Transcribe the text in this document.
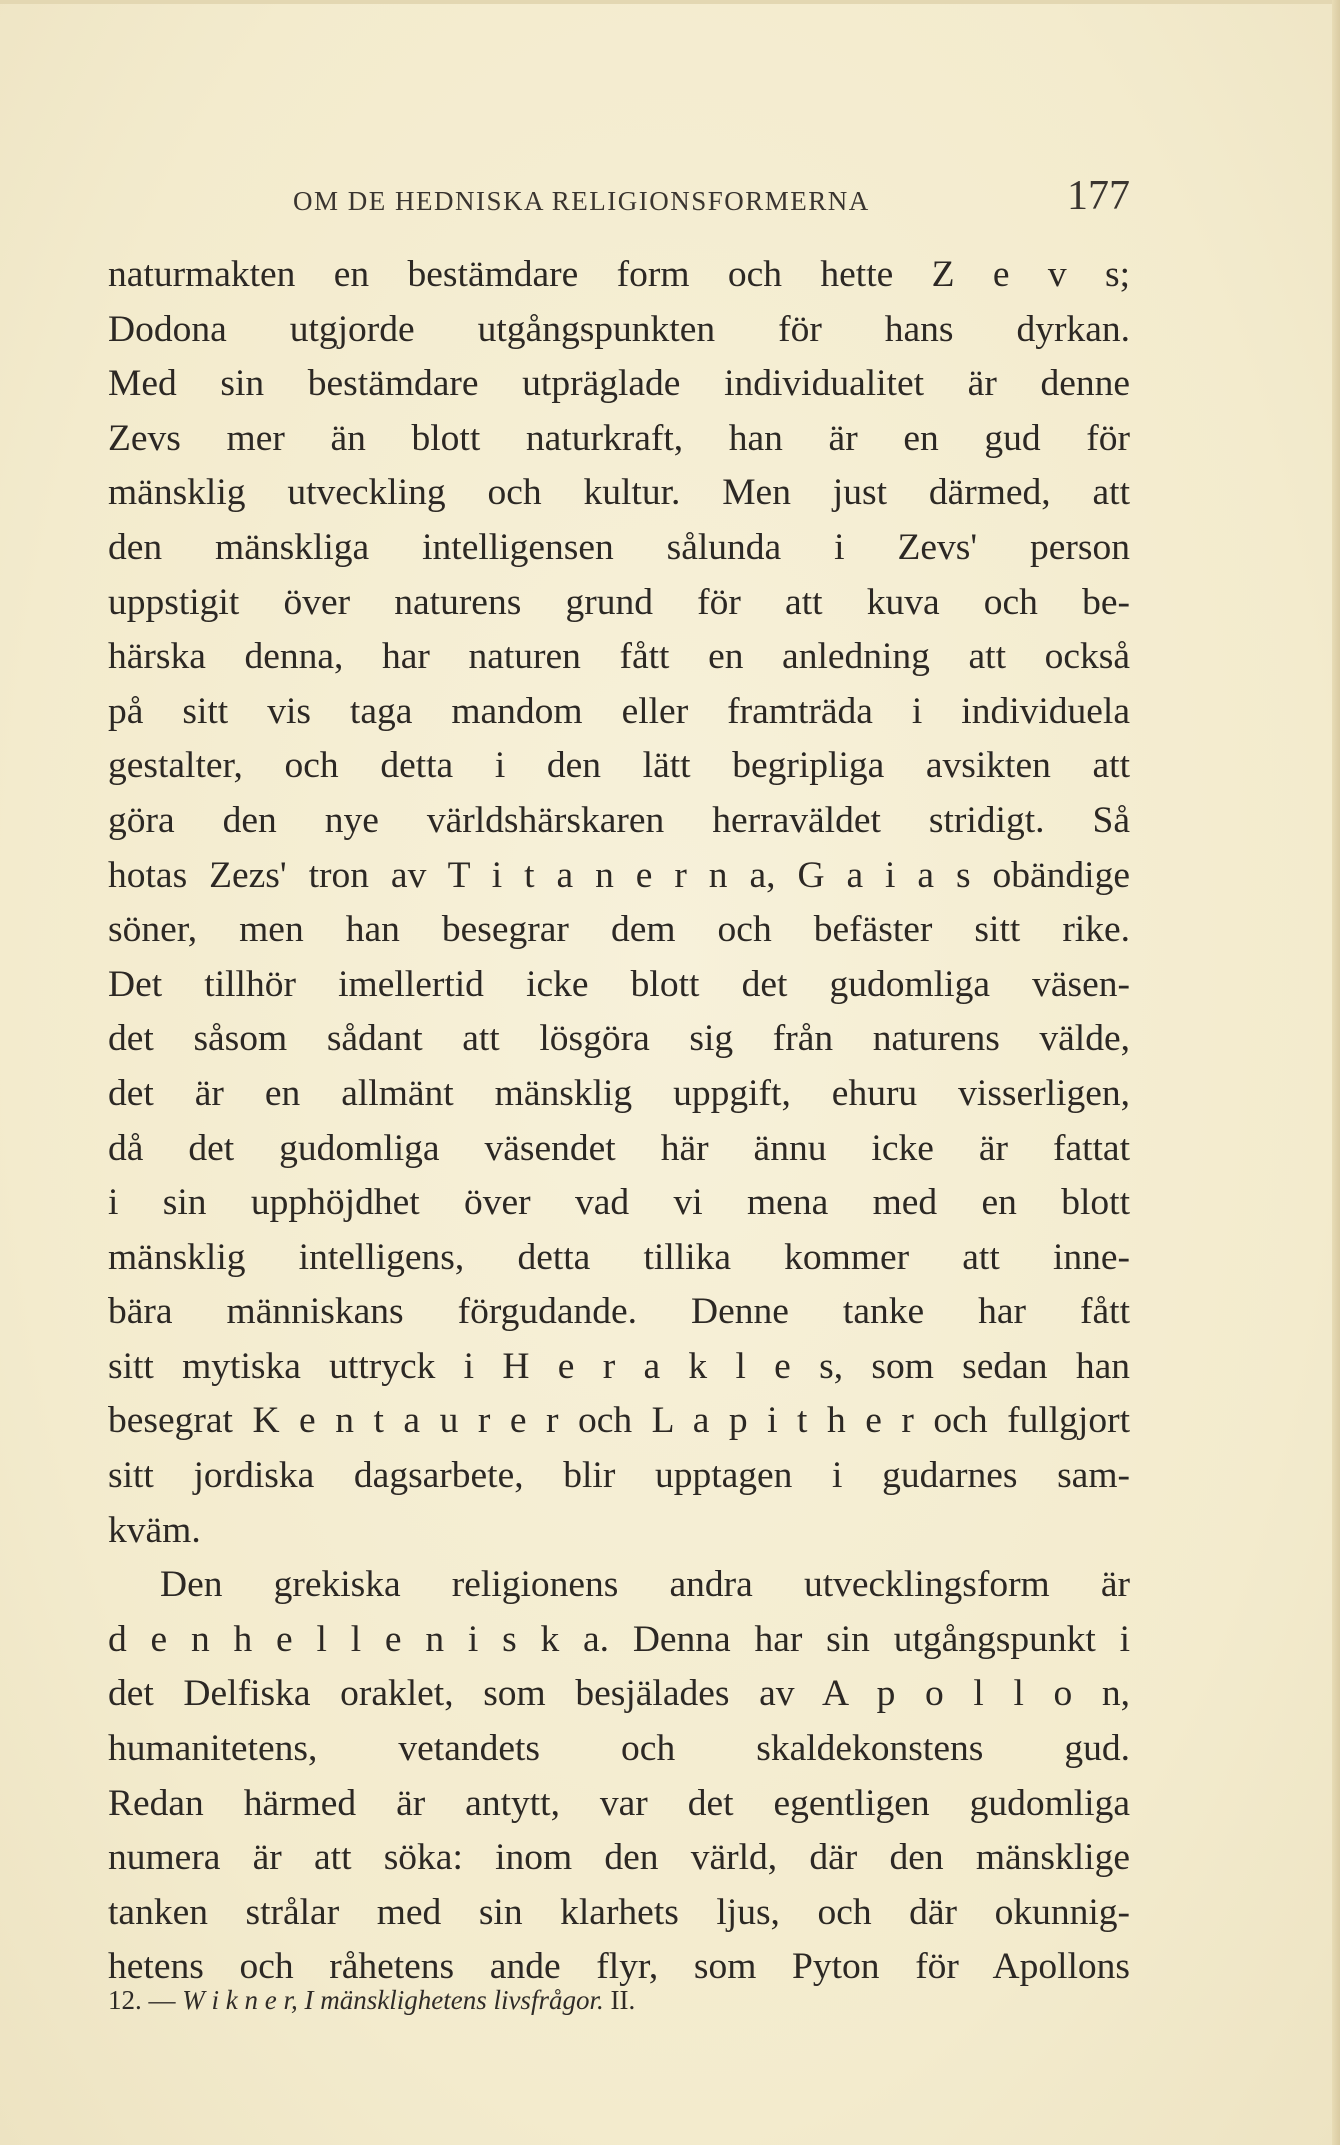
OM DE HEDNISKA RELIGIONSFORMERNA	177
naturmakten en bestämdare form och hette Z e v s;
Dodona utgjorde utgångspunkten för hans dyrkan.
Med sin bestämdare utpräglade individualitet är denne
Zevs mer än blott naturkraft, han är en gud för
mänsklig utveckling och kultur. Men just därmed, att
den mänskliga intelligensen sålunda i Zevs' person
uppstigit över naturens grund för att kuva och be-
härska denna, har naturen fått en anledning att också
på sitt vis taga mandom eller framträda i individuela
gestalter, och detta i den lätt begripliga avsikten att
göra den nye världshärskaren herraväldet stridigt. Så
hotas Zezs' tron av T i t a n e r n a, G a i a s obändige
söner, men han besegrar dem och befäster sitt rike.
Det tillhör imellertid icke blott det gudomliga väsen-
det såsom sådant att lösgöra sig från naturens välde,
det är en allmänt mänsklig uppgift, ehuru visserligen,
då det gudomliga väsendet här ännu icke är fattat
i sin upphöjdhet över vad vi mena med en blott
mänsklig intelligens, detta tillika kommer att inne-
bära människans förgudande. Denne tanke har fått
sitt mytiska uttryck i H e r a k l e s, som sedan han
besegrat K e n t a u r e r och L a p i t h e r och fullgjort
sitt jordiska dagsarbete, blir upptagen i gudarnes sam-
kväm.
Den grekiska religionens andra utvecklingsform är
d e n h e l l e n i s k a. Denna har sin utgångspunkt i
det Delfiska oraklet, som besjälades av A p o l l o n,
humanitetens, vetandets och skaldekonstens gud.
Redan härmed är antytt, var det egentligen gudomliga
numera är att söka: inom den värld, där den mänsklige
tanken strålar med sin klarhets ljus, och där okunnig-
hetens och råhetens ande flyr, som Pyton för Apollons
12. — W i k n e r, I mänsklighetens livsfrågor. II.
